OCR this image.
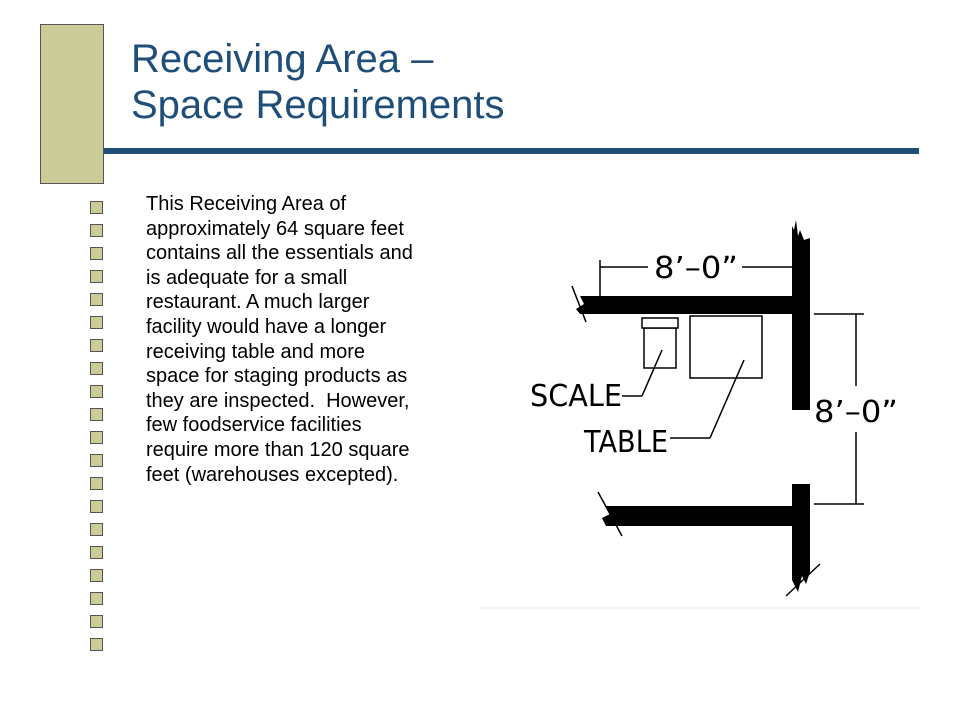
Receiving Area –
Space Requirements
This Receiving Area of
approximately 64 square feet
contains all the essentials and
is adequate for a small
restaurant. A much larger
facility would have a longer
receiving table and more
space for staging products as
they are inspected.  However,
few foodservice facilities
require more than 120 square
feet (warehouses excepted).
8’–0”
8’–0”
SCALE
TABLE
